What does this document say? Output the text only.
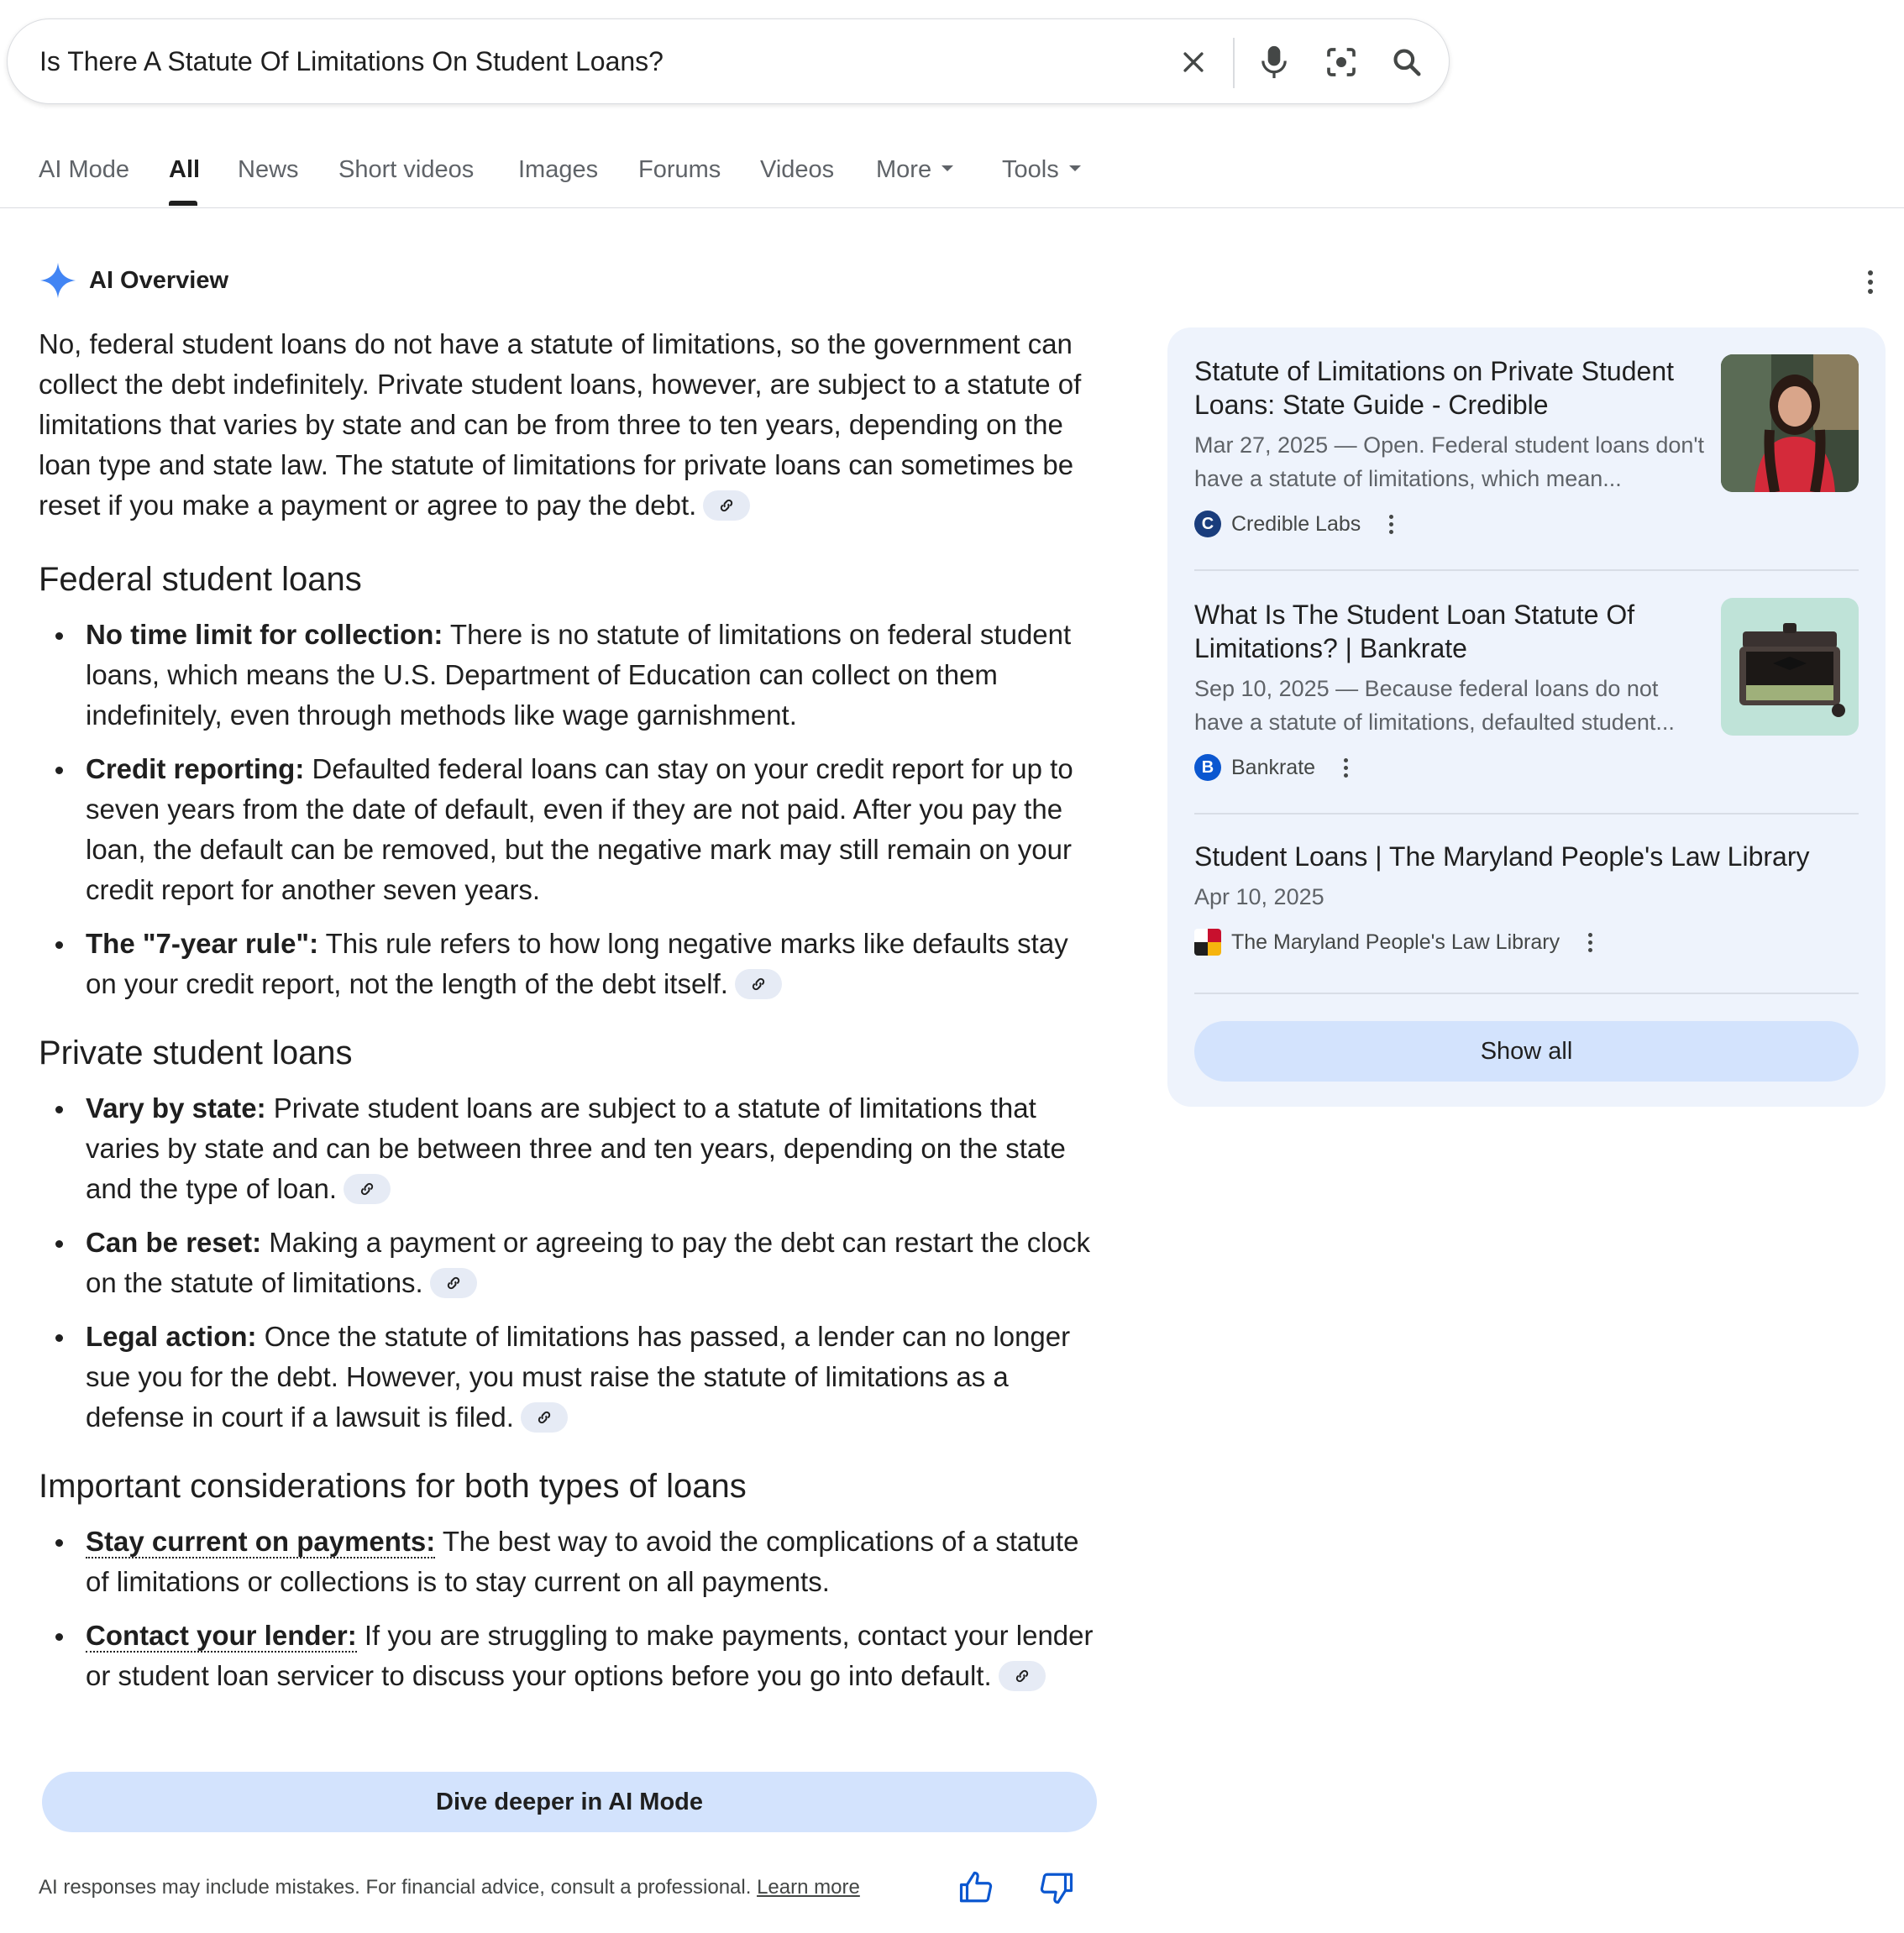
Is There A Statute Of Limitations On Student Loans?
AI Mode All News Short videos Images Forums Videos More	Tools
AI Overview

No, federal student loans do not have a statute of limitations, so the government can collect the debt indefinitely. Private student loans, however, are subject to a statute of limitations that varies by state and can be from three to ten years, depending on the loan type and state law. The statute of limitations for private loans can sometimes be reset if you make a payment or agree to pay the debt.

Federal student loans
No time limit for collection: There is no statute of limitations on federal student loans, which means the U.S. Department of Education can collect on them indefinitely, even through methods like wage garnishment.
Credit reporting: Defaulted federal loans can stay on your credit report for up to seven years from the date of default, even if they are not paid. After you pay the loan, the default can be removed, but the negative mark may still remain on your credit report for another seven years.
The "7-year rule": This rule refers to how long negative marks like defaults stay on your credit report, not the length of the debt itself.
Private student loans
Vary by state: Private student loans are subject to a statute of limitations that varies by state and can be between three and ten years, depending on the state and the type of loan.
Can be reset: Making a payment or agreeing to pay the debt can restart the clock on the statute of limitations.
Legal action: Once the statute of limitations has passed, a lender can no longer sue you for the debt. However, you must raise the statute of limitations as a defense in court if a lawsuit is filed.
Important considerations for both types of loans
Stay current on payments: The best way to avoid the complications of a statute of limitations or collections is to stay current on all payments.
Contact your lender: If you are struggling to make payments, contact your lender or student loan servicer to discuss your options before you go into default.
Dive deeper in AI Mode
AI responses may include mistakes. For financial advice, consult a professional. Learn more
Statute of Limitations on Private Student Loans: State Guide - Credible
Mar 27, 2025 — Open. Federal student loans don't have a statute of limitations, which mean...
C Credible Labs
What Is The Student Loan Statute Of Limitations? | Bankrate
Sep 10, 2025 — Because federal loans do not have a statute of limitations, defaulted student...
B Bankrate
Student Loans | The Maryland People's Law Library
Apr 10, 2025
The Maryland People's Law Library
Show all
